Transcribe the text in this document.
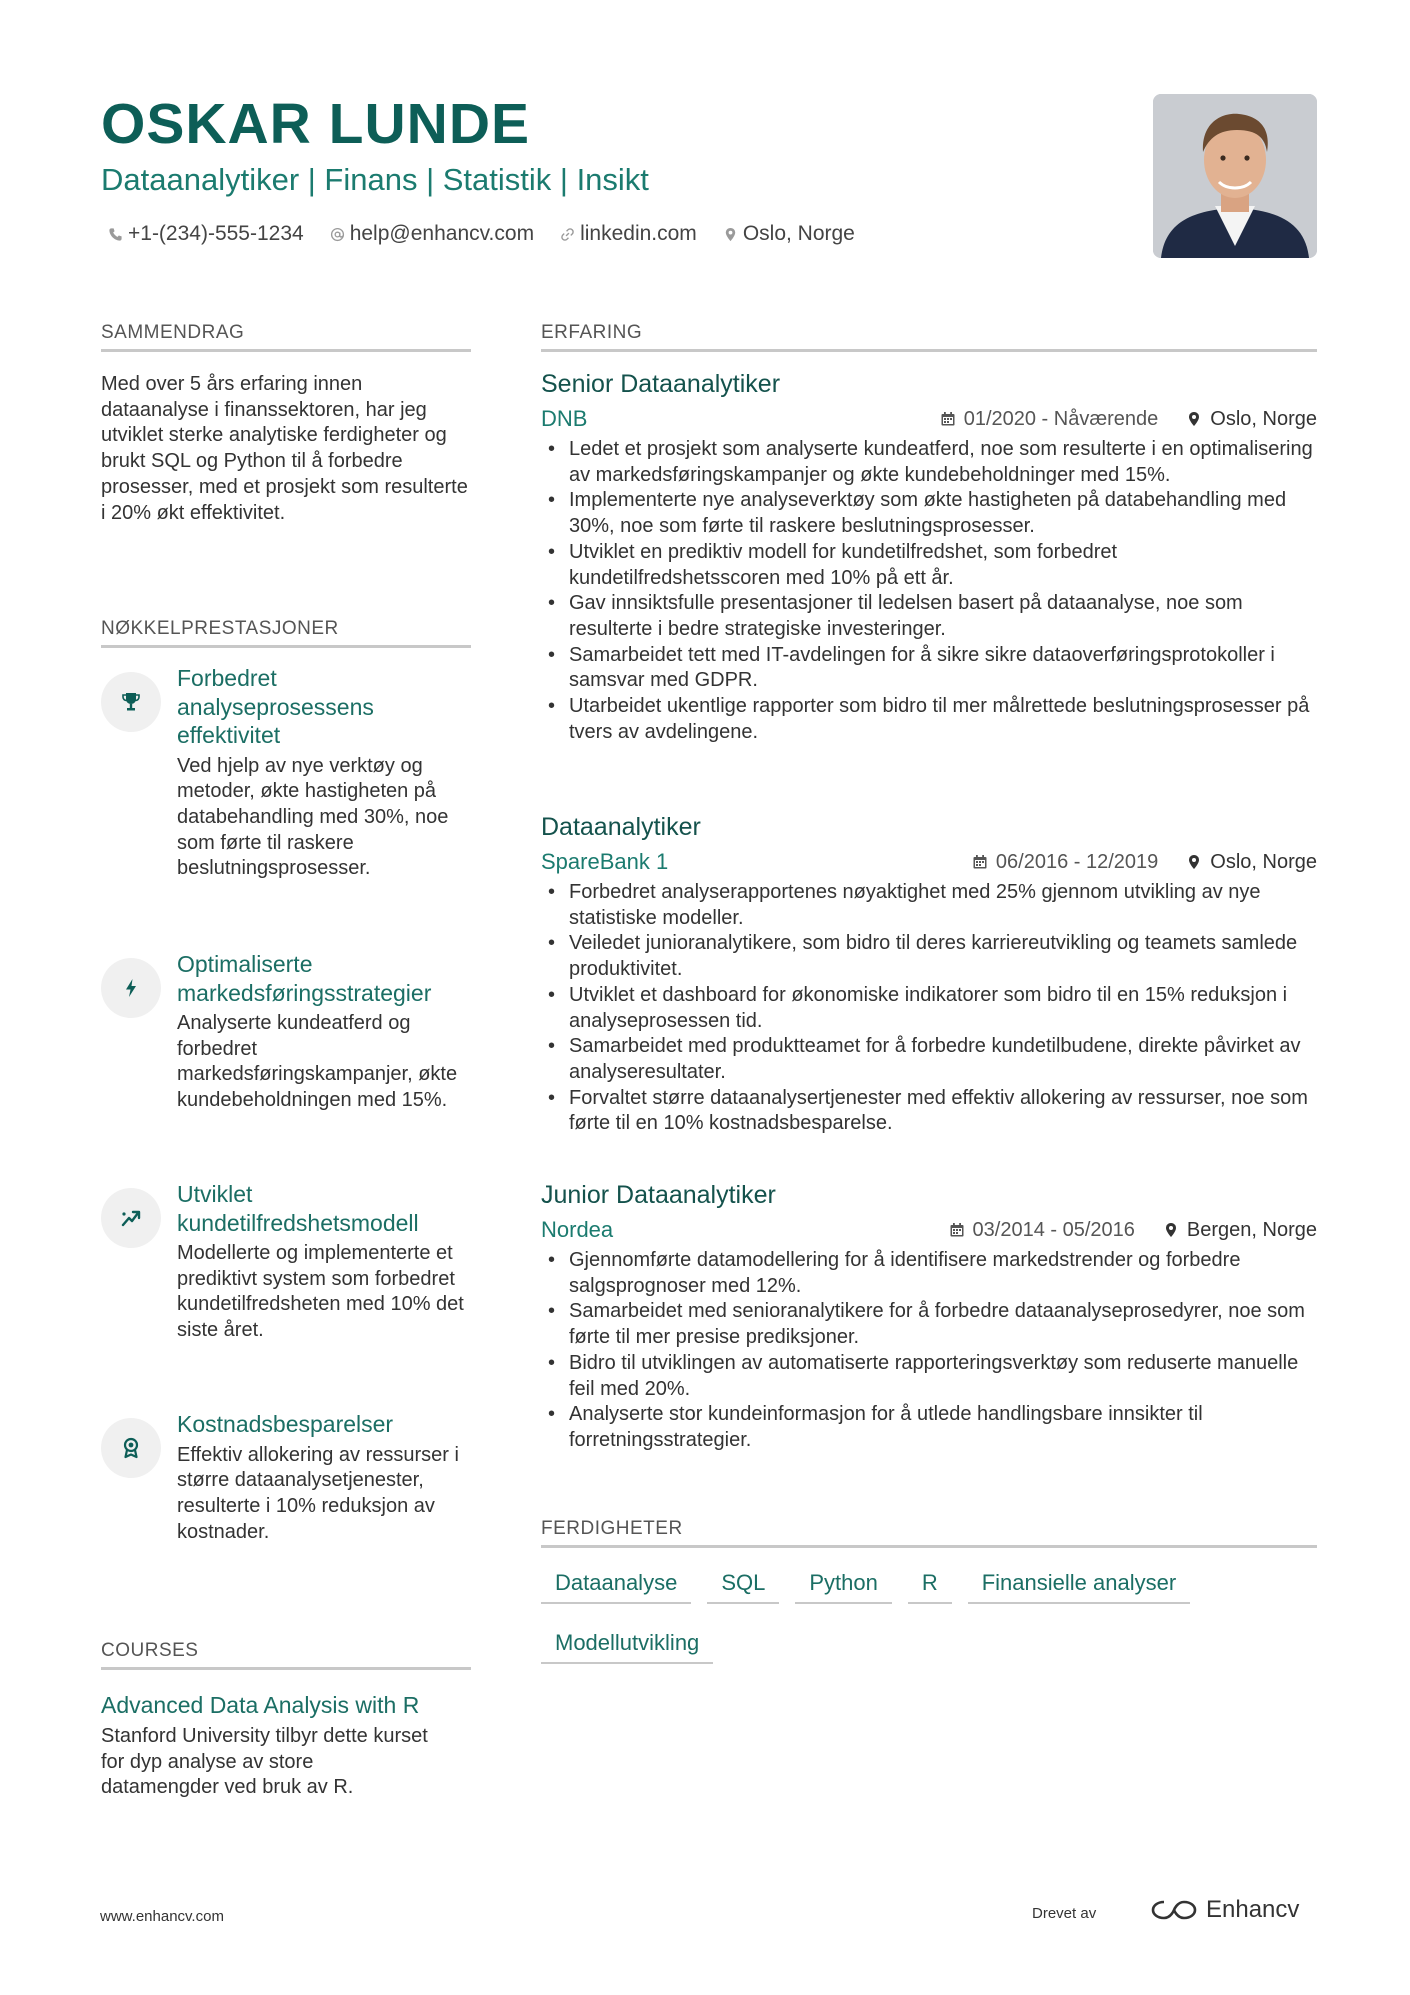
OSKAR LUNDE
Dataanalytiker | Finans | Statistik | Insikt
+1-(234)-555-1234 help@enhancv.com linkedin.com Oslo, Norge
SAMMENDRAG
Med over 5 års erfaring innen dataanalyse i finanssektoren, har jeg utviklet sterke analytiske ferdigheter og brukt SQL og Python til å forbedre prosesser, med et prosjekt som resulterte i 20% økt effektivitet.
NØKKELPRESTASJONER
Forbedret analyseprosessens effektivitet
Ved hjelp av nye verktøy og metoder, økte hastigheten på databehandling med 30%, noe som førte til raskere beslutningsprosesser.
Optimaliserte markedsføringsstrategier
Analyserte kundeatferd og forbedret markedsføringskampanjer, økte kundebeholdningen med 15%.
Utviklet kundetilfredshetsmodell
Modellerte og implementerte et prediktivt system som forbedret kundetilfredsheten med 10% det siste året.
Kostnadsbesparelser
Effektiv allokering av ressurser i større dataanalysetjenester, resulterte i 10% reduksjon av kostnader.
COURSES
Advanced Data Analysis with R
Stanford University tilbyr dette kurset for dyp analyse av store datamengder ved bruk av R.
ERFARING
Senior Dataanalytiker
DNB	01/2020 - Nåværende	Oslo, Norge
• Ledet et prosjekt som analyserte kundeatferd, noe som resulterte i en optimalisering av markedsføringskampanjer og økte kundebeholdninger med 15%.
• Implementerte nye analyseverktøy som økte hastigheten på databehandling med 30%, noe som førte til raskere beslutningsprosesser.
• Utviklet en prediktiv modell for kundetilfredshet, som forbedret kundetilfredshetsscoren med 10% på ett år.
• Gav innsiktsfulle presentasjoner til ledelsen basert på dataanalyse, noe som resulterte i bedre strategiske investeringer.
• Samarbeidet tett med IT-avdelingen for å sikre sikre dataoverføringsprotokoller i samsvar med GDPR.
• Utarbeidet ukentlige rapporter som bidro til mer målrettede beslutningsprosesser på tvers av avdelingene.
Dataanalytiker
SpareBank 1	06/2016 - 12/2019	Oslo, Norge
• Forbedret analyserapportenes nøyaktighet med 25% gjennom utvikling av nye statistiske modeller.
• Veiledet junioranalytikere, som bidro til deres karriereutvikling og teamets samlede produktivitet.
• Utviklet et dashboard for økonomiske indikatorer som bidro til en 15% reduksjon i analyseprosessen tid.
• Samarbeidet med produktteamet for å forbedre kundetilbudene, direkte påvirket av analyseresultater.
• Forvaltet større dataanalysertjenester med effektiv allokering av ressurser, noe som førte til en 10% kostnadsbesparelse.
Junior Dataanalytiker
Nordea	03/2014 - 05/2016	Bergen, Norge
• Gjennomførte datamodellering for å identifisere markedstrender og forbedre salgsprognoser med 12%.
• Samarbeidet med senioranalytikere for å forbedre dataanalyseprosedyrer, noe som førte til mer presise prediksjoner.
• Bidro til utviklingen av automatiserte rapporteringsverktøy som reduserte manuelle feil med 20%.
• Analyserte stor kundeinformasjon for å utlede handlingsbare innsikter til forretningsstrategier.
FERDIGHETER
Dataanalyse	SQL	Python	R	Finansielle analyser
Modellutvikling
www.enhancv.com	Drevet av	Enhancv
